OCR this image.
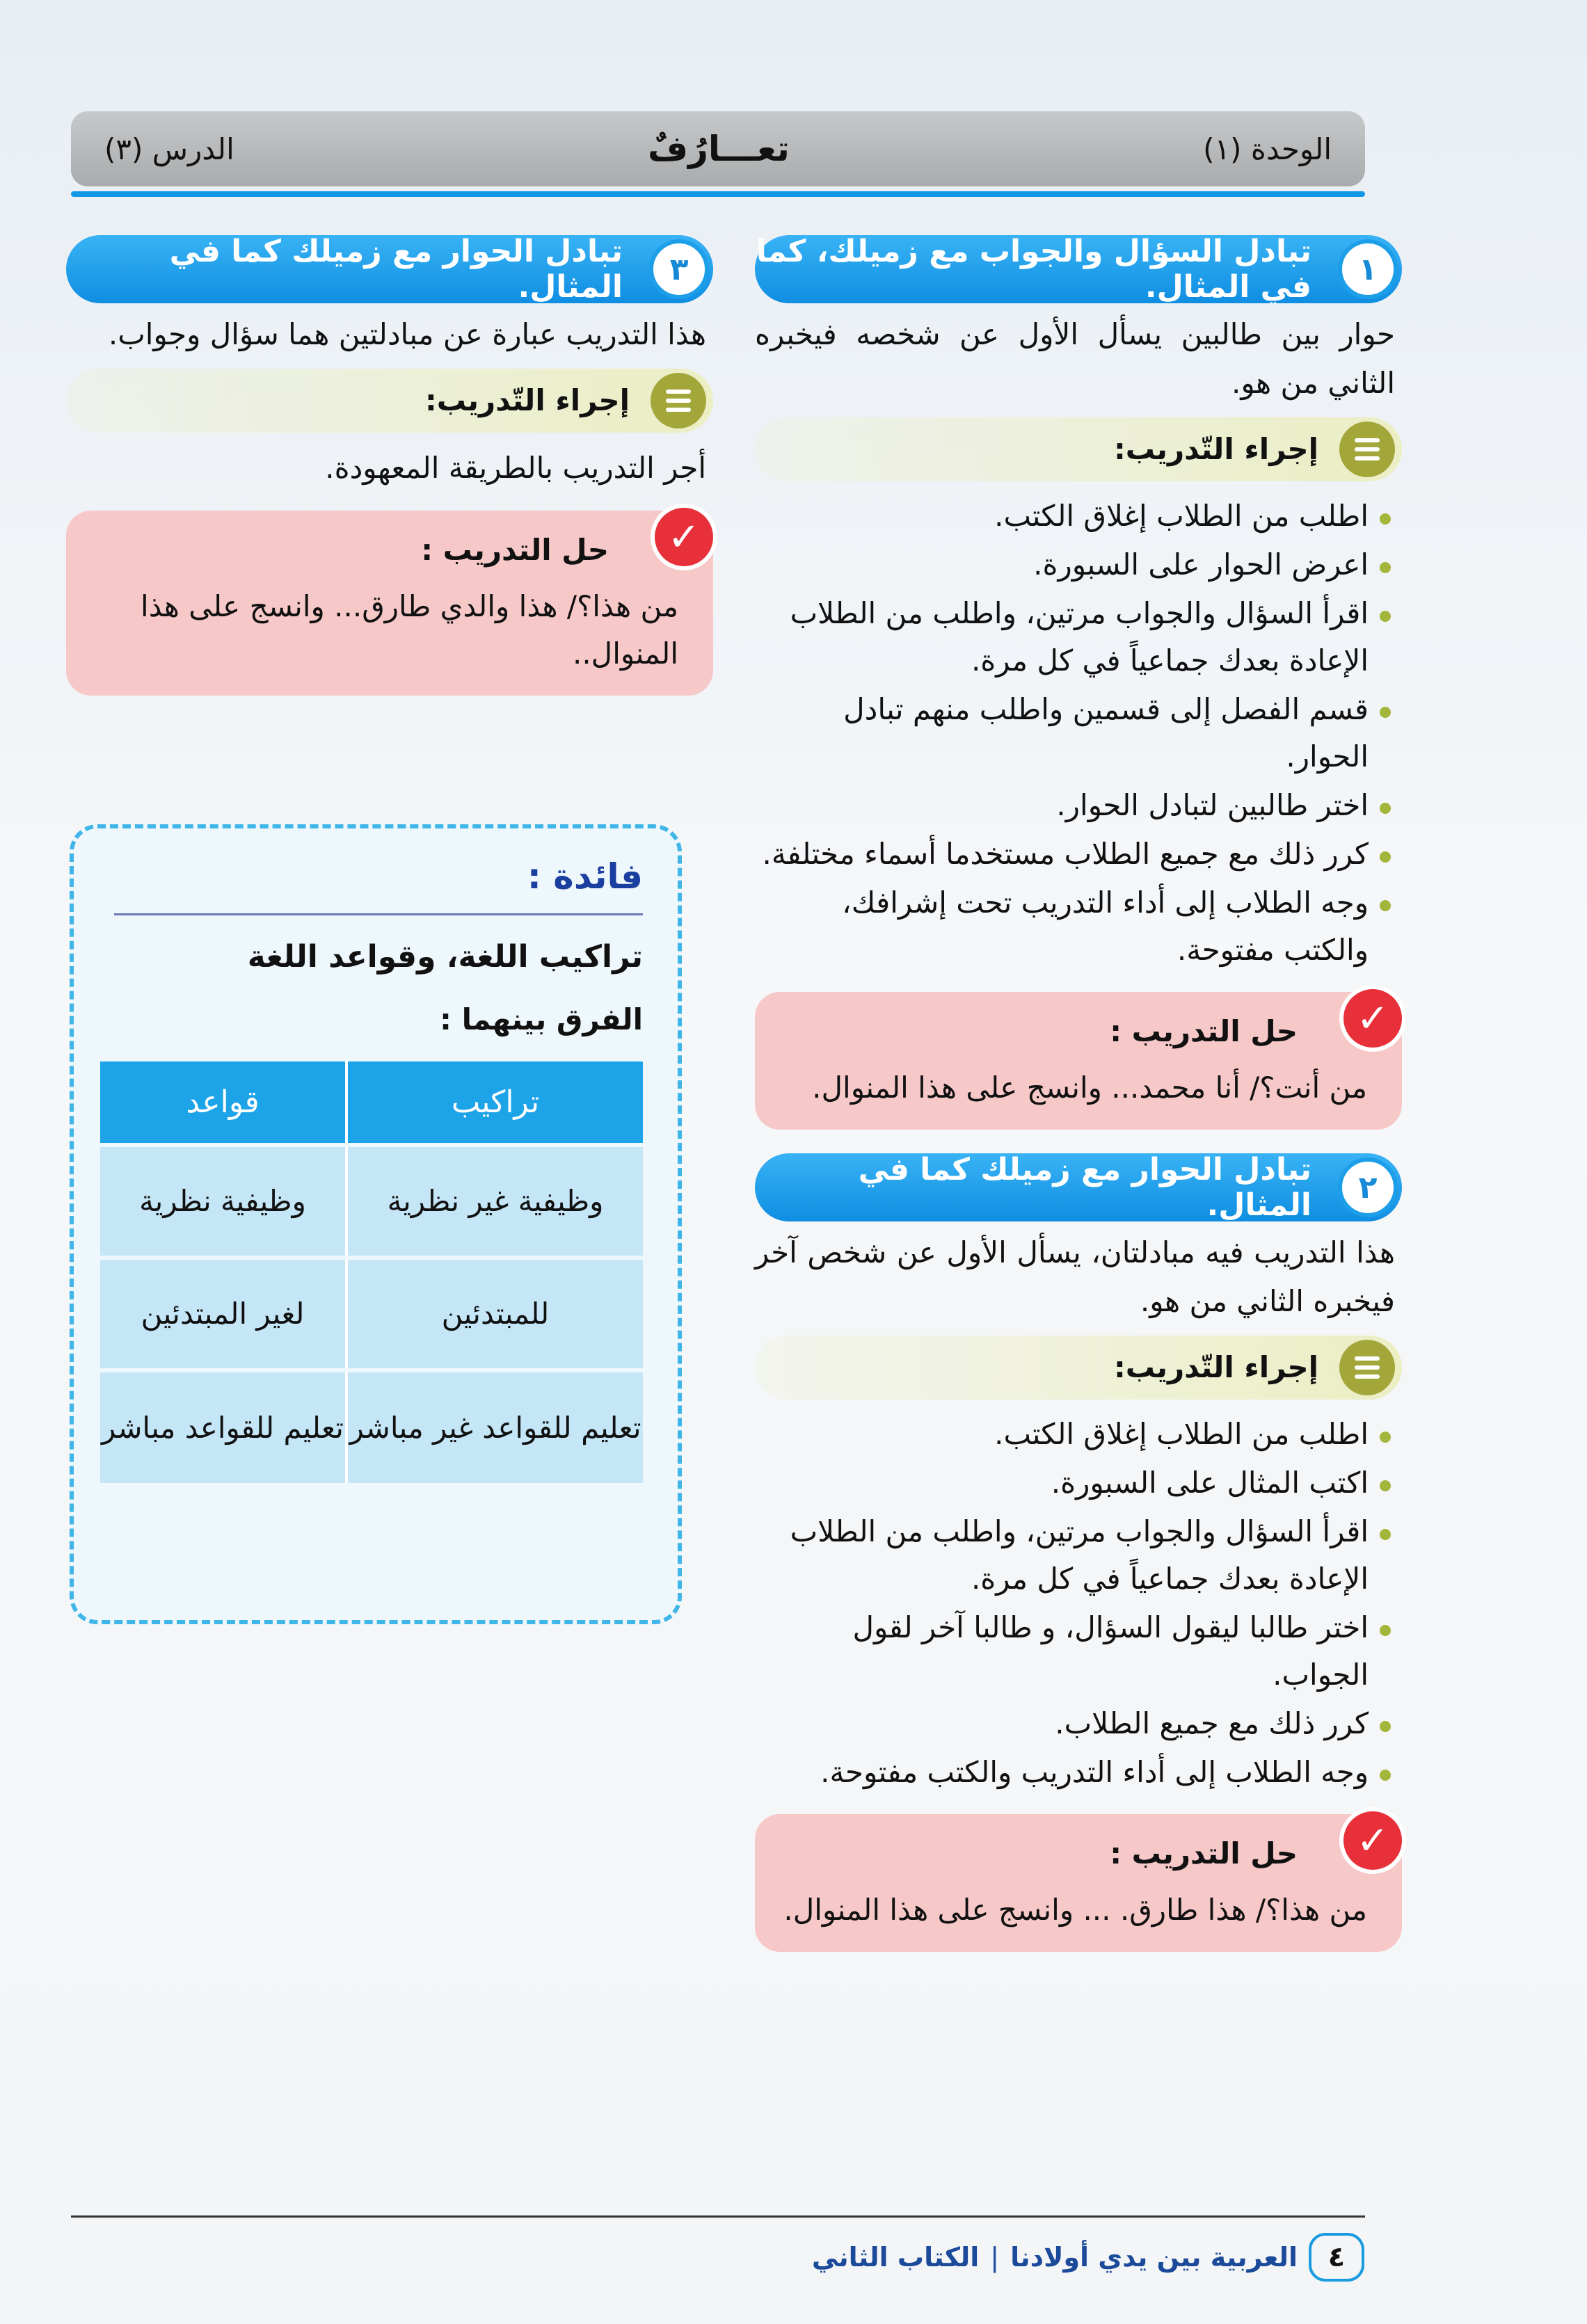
الوحدة (١)
تعـــارُفٌ
الدرس (٣)
تبادل السؤال والجواب مع زميلك، كما في المثال.	١

حوار بين طالبين يسأل الأول عن شخصه فيخبره الثاني من هو.

إجراء التّدريب:
اطلب من الطلاب إغلاق الكتب.
اعرض الحوار على السبورة.
اقرأ السؤال والجواب مرتين، واطلب من الطلاب الإعادة بعدك جماعياً في كل مرة.
قسم الفصل إلى قسمين واطلب منهم تبادل الحوار.
اختر طالبين لتبادل الحوار.
كرر ذلك مع جميع الطلاب مستخدما أسماء مختلفة.
وجه الطلاب إلى أداء التدريب تحت إشرافك، والكتب مفتوحة.
✓
حل التدريب :
من أنت؟/ أنا محمد... وانسج على هذا المنوال.
تبادل الحوار مع زميلك كما في المثال.	٢

هذا التدريب فيه مبادلتان، يسأل الأول عن شخص آخر فيخبره الثاني من هو.

إجراء التّدريب:
اطلب من الطلاب إغلاق الكتب.
اكتب المثال على السبورة.
اقرأ السؤال والجواب مرتين، واطلب من الطلاب الإعادة بعدك جماعياً في كل مرة.
اختر طالبا ليقول السؤال، و طالبا آخر لقول الجواب.
كرر ذلك مع جميع الطلاب.
وجه الطلاب إلى أداء التدريب والكتب مفتوحة.
✓
حل التدريب :
من هذا؟/ هذا طارق. ... وانسج على هذا المنوال.
تبادل الحوار مع زميلك كما في المثال.	٣

هذا التدريب عبارة عن مبادلتين هما سؤال وجواب.

إجراء التّدريب:

أجر التدريب بالطريقة المعهودة.

✓
حل التدريب :
من هذا؟/ هذا والدي طارق... وانسج على هذا المنوال..
فائدة :
تراكيب اللغة، وقواعد اللغة
الفرق بينهما :
تراكيب	قواعد
وظيفية غير نظرية	وظيفية نظرية
للمبتدئين	لغير المبتدئين
تعليم للقواعد غير مباشر	تعليم للقواعد مباشر
٤
العربية بين يدي أولادنا
|
الكتاب الثاني
